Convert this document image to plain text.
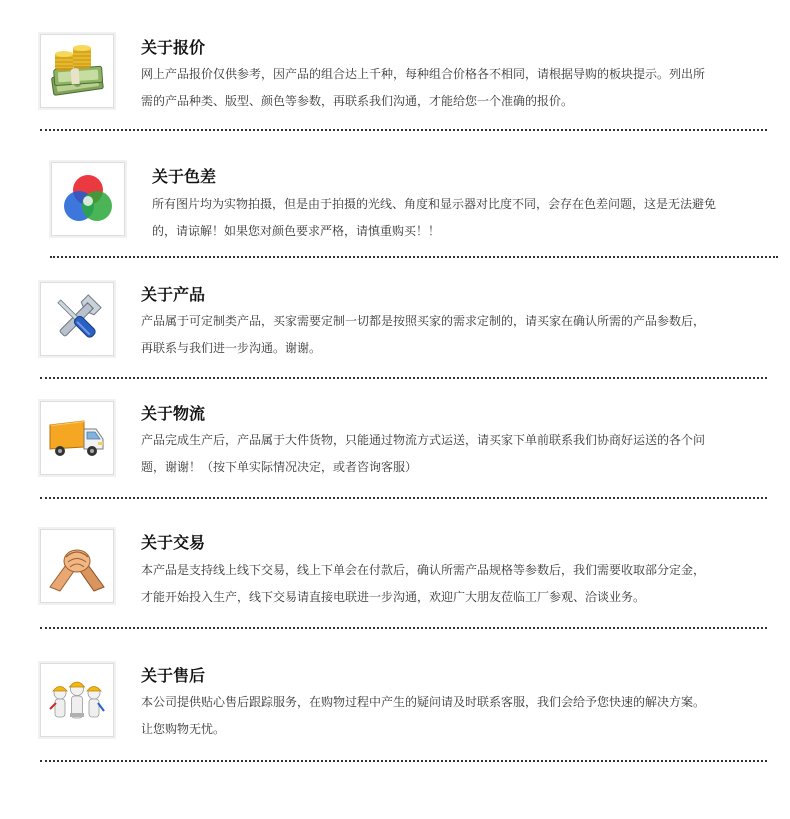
关于报价

网上产品报价仅供参考，因产品的组合达上千种，每种组合价格各不相同，请根据导购的板块提示。列出所
需的产品种类、版型、颜色等参数，再联系我们沟通，才能给您一个准确的报价。

关于色差

所有图片均为实物拍摄，但是由于拍摄的光线、角度和显示器对比度不同，会存在色差问题，这是无法避免
的，请谅解！如果您对颜色要求严格，请慎重购买！！

关于产品

产品属于可定制类产品，买家需要定制一切都是按照买家的需求定制的，请买家在确认所需的产品参数后，
再联系与我们进一步沟通。谢谢。

关于物流

产品完成生产后，产品属于大件货物，只能通过物流方式运送，请买家下单前联系我们协商好运送的各个问
题，谢谢！（按下单实际情况决定，或者咨询客服）

关于交易

本产品是支持线上线下交易，线上下单会在付款后，确认所需产品规格等参数后，我们需要收取部分定金，
才能开始投入生产，线下交易请直接电联进一步沟通，欢迎广大朋友莅临工厂参观、洽谈业务。

关于售后

本公司提供贴心售后跟踪服务，在购物过程中产生的疑问请及时联系客服，我们会给予您快速的解决方案。
让您购物无忧。
